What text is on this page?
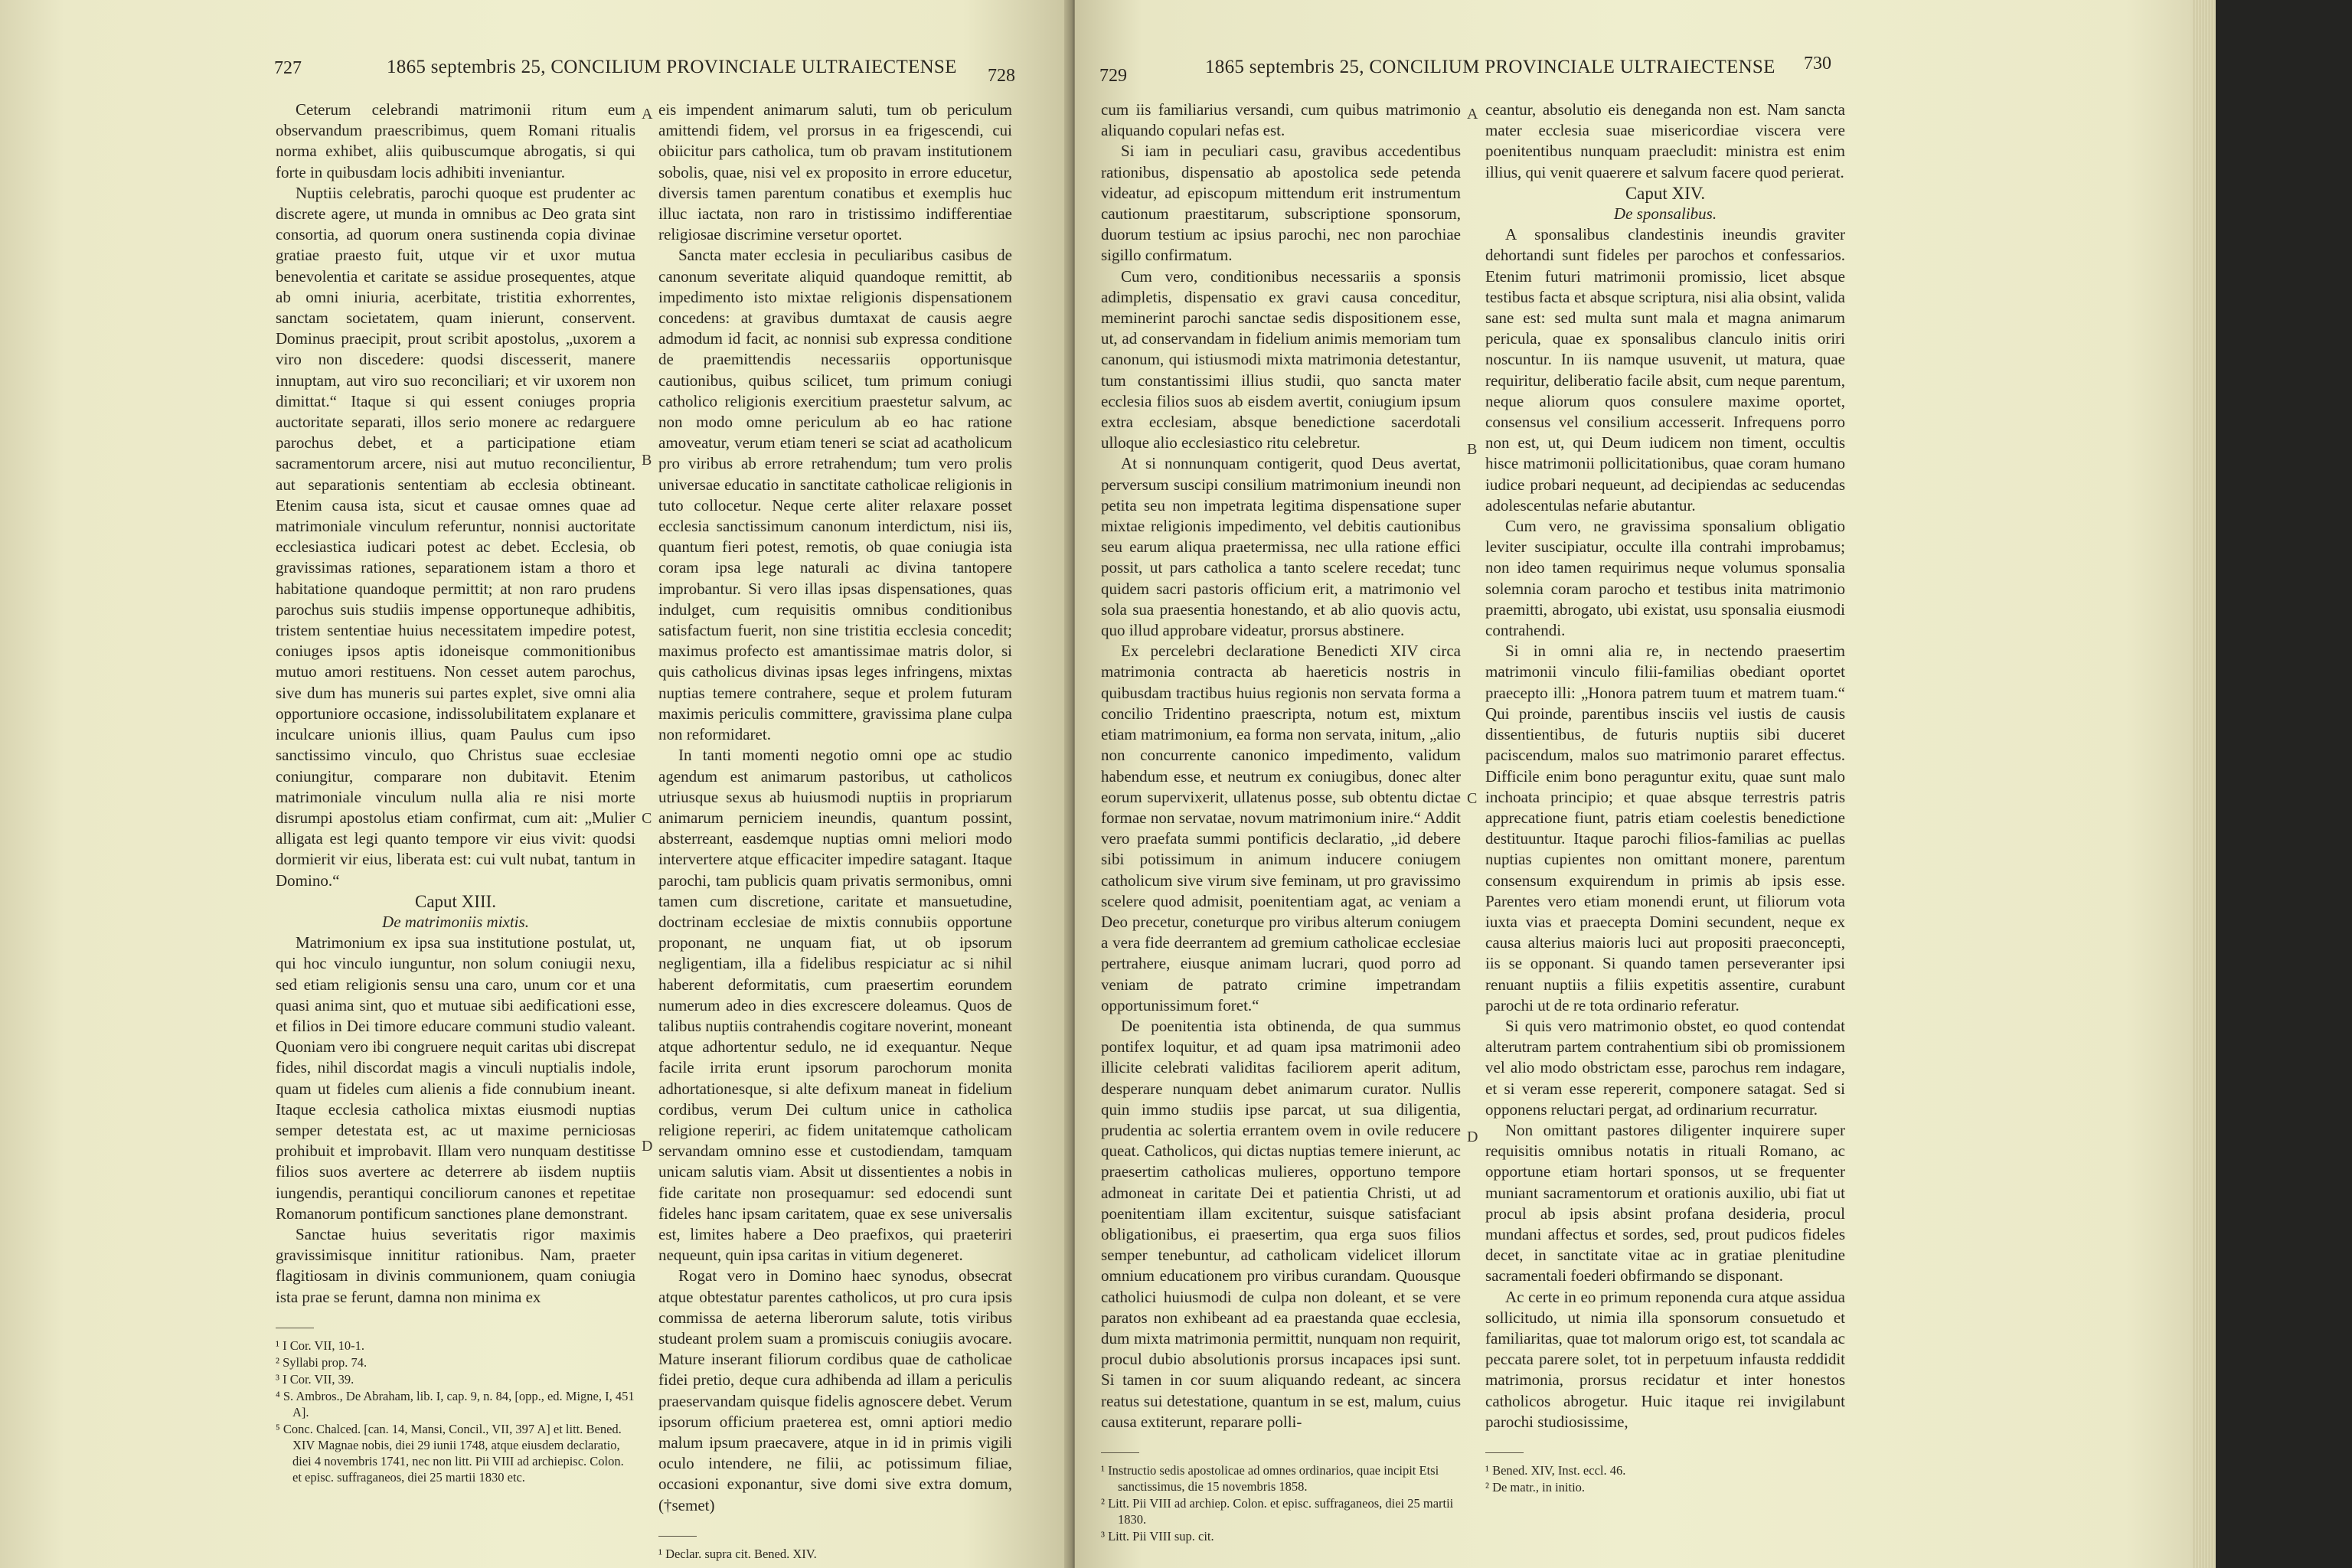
727	1865 septembris 25, CONCILIUM PROVINCIALE ULTRAIECTENSE 728

Ceterum celebrandi matrimonii ritum eum observandum praescribimus, quem Romani ritualis norma exhibet, aliis quibuscumque abrogatis, si qui forte in quibusdam locis adhibiti inveniantur.

Nuptiis celebratis, parochi quoque est prudenter ac discrete agere, ut munda in omnibus ac Deo grata sint consortia, ad quorum onera sustinenda copia divinae gratiae praesto fuit, utque vir et uxor mutua benevolentia et caritate se assidue prosequentes, atque ab omni iniuria, acerbitate, tristitia exhorrentes, sanctam societatem, quam inierunt, conservent. Dominus praecipit, prout scribit apostolus, „uxorem a viro non discedere: quodsi discesserit, manere innuptam, aut viro suo reconciliari; et vir uxorem non dimittat.“ Itaque si qui essent coniuges propria auctoritate separati, illos serio monere ac redarguere parochus debet, et a participatione etiam sacramentorum arcere, nisi aut mutuo reconcilientur, aut separationis sententiam ab ecclesia obtineant. Etenim causa ista, sicut et causae omnes quae ad matrimoniale vinculum referuntur, nonnisi auctoritate ecclesiastica iudicari potest ac debet. Ecclesia, ob gravissimas rationes, separationem istam a thoro et habitatione quandoque permittit; at non raro prudens parochus suis studiis impense opportuneque adhibitis, tristem sententiae huius necessitatem impedire potest, coniuges ipsos aptis idoneisque commonitionibus mutuo amori restituens. Non cesset autem parochus, sive dum has muneris sui partes explet, sive omni alia opportuniore occasione, indissolubilitatem explanare et inculcare unionis illius, quam Paulus cum ipso sanctissimo vinculo, quo Christus suae ecclesiae coniungitur, comparare non dubitavit. Etenim matrimoniale vinculum nulla alia re nisi morte disrumpi apostolus etiam confirmat, cum ait: „Mulier alligata est legi quanto tempore vir eius vivit: quodsi dormierit vir eius, liberata est: cui vult nubat, tantum in Domino.“

Caput XIII.

De matrimoniis mixtis.

Matrimonium ex ipsa sua institutione postulat, ut, qui hoc vinculo iunguntur, non solum coniugii nexu, sed etiam religionis sensu una caro, unum cor et una quasi anima sint, quo et mutuae sibi aedificationi esse, et filios in Dei timore educare communi studio valeant. Quoniam vero ibi congruere nequit caritas ubi discrepat fides, nihil discordat magis a vinculi nuptialis indole, quam ut fideles cum alienis a fide connubium ineant. Itaque ecclesia catholica mixtas eiusmodi nuptias semper detestata est, ac ut maxime perniciosas prohibuit et improbavit. Illam vero nunquam destitisse filios suos avertere ac deterrere ab iisdem nuptiis iungendis, perantiqui conciliorum canones et repetitae Romanorum pontificum sanctiones plane demonstrant.

Sanctae huius severitatis rigor maximis gravissimisque innititur rationibus. Nam, praeter flagitiosam in divinis communionem, quam coniugia ista prae se ferunt, damna non minima ex

¹ I Cor. VII, 10-1.
² Syllabi prop. 74.
³ I Cor. VII, 39.
⁴ S. Ambros., De Abraham, lib. I, cap. 9, n. 84, [opp., ed. Migne, I, 451 A].
⁵ Conc. Chalced. [can. 14, Mansi, Concil., VII, 397 A] et litt. Bened. XIV Magnae nobis, diei 29 iunii 1748, atque eiusdem declaratio, diei 4 novembris 1741, nec non litt. Pii VIII ad archiepisc. Colon. et episc. suffraganeos, diei 25 martii 1830 etc.
A
B
C
D

eis impendent animarum saluti, tum ob periculum amittendi fidem, vel prorsus in ea frigescendi, cui obiicitur pars catholica, tum ob pravam institutionem sobolis, quae, nisi vel ex proposito in errore educetur, diversis tamen parentum conatibus et exemplis huc illuc iactata, non raro in tristissimo indifferentiae religiosae discrimine versetur oportet.

Sancta mater ecclesia in peculiaribus casibus de canonum severitate aliquid quandoque remittit, ab impedimento isto mixtae religionis dispensationem concedens: at gravibus dumtaxat de causis aegre admodum id facit, ac nonnisi sub expressa conditione de praemittendis necessariis opportunisque cautionibus, quibus scilicet, tum primum coniugi catholico religionis exercitium praestetur salvum, ac non modo omne periculum ab eo hac ratione amoveatur, verum etiam teneri se sciat ad acatholicum pro viribus ab errore retrahendum; tum vero prolis universae educatio in sanctitate catholicae religionis in tuto collocetur. Neque certe aliter relaxare posset ecclesia sanctissimum canonum interdictum, nisi iis, quantum fieri potest, remotis, ob quae coniugia ista coram ipsa lege naturali ac divina tantopere improbantur. Si vero illas ipsas dispensationes, quas indulget, cum requisitis omnibus conditionibus satisfactum fuerit, non sine tristitia ecclesia concedit; maximus profecto est amantissimae matris dolor, si quis catholicus divinas ipsas leges infringens, mixtas nuptias temere contrahere, seque et prolem futuram maximis periculis committere, gravissima plane culpa non reformidaret.

In tanti momenti negotio omni ope ac studio agendum est animarum pastoribus, ut catholicos utriusque sexus ab huiusmodi nuptiis in propriarum animarum perniciem ineundis, quantum possint, absterreant, easdemque nuptias omni meliori modo intervertere atque efficaciter impedire satagant. Itaque parochi, tam publicis quam privatis sermonibus, omni tamen cum discretione, caritate et mansuetudine, doctrinam ecclesiae de mixtis connubiis opportune proponant, ne unquam fiat, ut ob ipsorum negligentiam, illa a fidelibus respiciatur ac si nihil haberent deformitatis, cum praesertim eorundem numerum adeo in dies excrescere doleamus. Quos de talibus nuptiis contrahendis cogitare noverint, moneant atque adhortentur sedulo, ne id exequantur. Neque facile irrita erunt ipsorum parochorum monita adhortationesque, si alte defixum maneat in fidelium cordibus, verum Dei cultum unice in catholica religione reperiri, ac fidem unitatemque catholicam servandam omnino esse et custodiendam, tamquam unicam salutis viam. Absit ut dissentientes a nobis in fide caritate non prosequamur: sed edocendi sunt fideles hanc ipsam caritatem, quae ex sese universalis est, limites habere a Deo praefixos, qui praeteriri nequeunt, quin ipsa caritas in vitium degeneret.

Rogat vero in Domino haec synodus, obsecrat atque obtestatur parentes catholicos, ut pro cura ipsis commissa de aeterna liberorum salute, totis viribus studeant prolem suam a promiscuis coniugiis avocare. Mature inserant filiorum cordibus quae de catholicae fidei pretio, deque cura adhibenda ad illam a periculis praeservandam quisque fidelis agnoscere debet. Verum ipsorum officium praeterea est, omni aptiori medio malum ipsum praecavere, atque in id in primis vigili oculo intendere, ne filii, ac potissimum filiae, occasioni exponantur, sive domi sive extra domum, (†semet)

¹ Declar. supra cit. Bened. XIV.
729	1865 septembris 25, CONCILIUM PROVINCIALE ULTRAIECTENSE 730

cum iis familiarius versandi, cum quibus matrimonio aliquando copulari nefas est.

Si iam in peculiari casu, gravibus accedentibus rationibus, dispensatio ab apostolica sede petenda videatur, ad episcopum mittendum erit instrumentum cautionum praestitarum, subscriptione sponsorum, duorum testium ac ipsius parochi, nec non parochiae sigillo confirmatum.

Cum vero, conditionibus necessariis a sponsis adimpletis, dispensatio ex gravi causa conceditur, meminerint parochi sanctae sedis dispositionem esse, ut, ad conservandam in fidelium animis memoriam tum canonum, qui istiusmodi mixta matrimonia detestantur, tum constantissimi illius studii, quo sancta mater ecclesia filios suos ab eisdem avertit, coniugium ipsum extra ecclesiam, absque benedictione sacerdotali ulloque alio ecclesiastico ritu celebretur.

At si nonnunquam contigerit, quod Deus avertat, perversum suscipi consilium matrimonium ineundi non petita seu non impetrata legitima dispensatione super mixtae religionis impedimento, vel debitis cautionibus seu earum aliqua praetermissa, nec ulla ratione effici possit, ut pars catholica a tanto scelere recedat; tunc quidem sacri pastoris officium erit, a matrimonio vel sola sua praesentia honestando, et ab alio quovis actu, quo illud approbare videatur, prorsus abstinere.

Ex percelebri declaratione Benedicti XIV circa matrimonia contracta ab haereticis nostris in quibusdam tractibus huius regionis non servata forma a concilio Tridentino praescripta, notum est, mixtum etiam matrimonium, ea forma non servata, initum, „alio non concurrente canonico impedimento, validum habendum esse, et neutrum ex coniugibus, donec alter eorum supervixerit, ullatenus posse, sub obtentu dictae formae non servatae, novum matrimonium inire.“ Addit vero praefata summi pontificis declaratio, „id debere sibi potissimum in animum inducere coniugem catholicum sive virum sive feminam, ut pro gravissimo scelere quod admisit, poenitentiam agat, ac veniam a Deo precetur, coneturque pro viribus alterum coniugem a vera fide deerrantem ad gremium catholicae ecclesiae pertrahere, eiusque animam lucrari, quod porro ad veniam de patrato crimine impetrandam opportunissimum foret.“

De poenitentia ista obtinenda, de qua summus pontifex loquitur, et ad quam ipsa matrimonii adeo illicite celebrati validitas faciliorem aperit aditum, desperare nunquam debet animarum curator. Nullis quin immo studiis ipse parcat, ut sua diligentia, prudentia ac solertia errantem ovem in ovile reducere queat. Catholicos, qui dictas nuptias temere inierunt, ac praesertim catholicas mulieres, opportuno tempore admoneat in caritate Dei et patientia Christi, ut ad poenitentiam illam excitentur, suisque satisfaciant obligationibus, ei praesertim, qua erga suos filios semper tenebuntur, ad catholicam videlicet illorum omnium educationem pro viribus curandam. Quousque catholici huiusmodi de culpa non doleant, et se vere paratos non exhibeant ad ea praestanda quae ecclesia, dum mixta matrimonia permittit, nunquam non requirit, procul dubio absolutionis prorsus incapaces ipsi sunt. Si tamen in cor suum aliquando redeant, ac sincera reatus sui detestatione, quantum in se est, malum, cuius causa extiterunt, reparare polli-

¹ Instructio sedis apostolicae ad omnes ordinarios, quae incipit Etsi sanctissimus, die 15 novembris 1858.
² Litt. Pii VIII ad archiep. Colon. et episc. suffraganeos, diei 25 martii 1830.
³ Litt. Pii VIII sup. cit.
A
B
C
D

ceantur, absolutio eis deneganda non est. Nam sancta mater ecclesia suae misericordiae viscera vere poenitentibus nunquam praecludit: ministra est enim illius, qui venit quaerere et salvum facere quod perierat.

Caput XIV.

De sponsalibus.

A sponsalibus clandestinis ineundis graviter dehortandi sunt fideles per parochos et confessarios. Etenim futuri matrimonii promissio, licet absque testibus facta et absque scriptura, nisi alia obsint, valida sane est: sed multa sunt mala et magna animarum pericula, quae ex sponsalibus clanculo initis oriri noscuntur. In iis namque usuvenit, ut matura, quae requiritur, deliberatio facile absit, cum neque parentum, neque aliorum quos consulere maxime oportet, consensus vel consilium accesserit. Infrequens porro non est, ut, qui Deum iudicem non timent, occultis hisce matrimonii pollicitationibus, quae coram humano iudice probari nequeunt, ad decipiendas ac seducendas adolescentulas nefarie abutantur.

Cum vero, ne gravissima sponsalium obligatio leviter suscipiatur, occulte illa contrahi improbamus; non ideo tamen requirimus neque volumus sponsalia solemnia coram parocho et testibus inita matrimonio praemitti, abrogato, ubi existat, usu sponsalia eiusmodi contrahendi.

Si in omni alia re, in nectendo praesertim matrimonii vinculo filii-familias obediant oportet praecepto illi: „Honora patrem tuum et matrem tuam.“ Qui proinde, parentibus insciis vel iustis de causis dissentientibus, de futuris nuptiis sibi duceret paciscendum, malos suo matrimonio pararet effectus. Difficile enim bono peraguntur exitu, quae sunt malo inchoata principio; et quae absque terrestris patris apprecatione fiunt, patris etiam coelestis benedictione destituuntur. Itaque parochi filios-familias ac puellas nuptias cupientes non omittant monere, parentum consensum exquirendum in primis ab ipsis esse. Parentes vero etiam monendi erunt, ut filiorum vota iuxta vias et praecepta Domini secundent, neque ex causa alterius maioris luci aut propositi praeconcepti, iis se opponant. Si quando tamen perseveranter ipsi renuant nuptiis a filiis expetitis assentire, curabunt parochi ut de re tota ordinario referatur.

Si quis vero matrimonio obstet, eo quod contendat alterutram partem contrahentium sibi ob promissionem vel alio modo obstrictam esse, parochus rem indagare, et si veram esse repererit, componere satagat. Sed si opponens reluctari pergat, ad ordinarium recurratur.

Non omittant pastores diligenter inquirere super requisitis omnibus notatis in rituali Romano, ac opportune etiam hortari sponsos, ut se frequenter muniant sacramentorum et orationis auxilio, ubi fiat ut procul ab ipsis absint profana desideria, procul mundani affectus et sordes, sed, prout pudicos fideles decet, in sanctitate vitae ac in gratiae plenitudine sacramentali foederi obfirmando se disponant.

Ac certe in eo primum reponenda cura atque assidua sollicitudo, ut nimia illa sponsorum consuetudo et familiaritas, quae tot malorum origo est, tot scandala ac peccata parere solet, tot in perpetuum infausta reddidit matrimonia, prorsus recidatur et inter honestos catholicos abrogetur. Huic itaque rei invigilabunt parochi studiosissime,

¹ Bened. XIV, Inst. eccl. 46.
² De matr., in initio.
